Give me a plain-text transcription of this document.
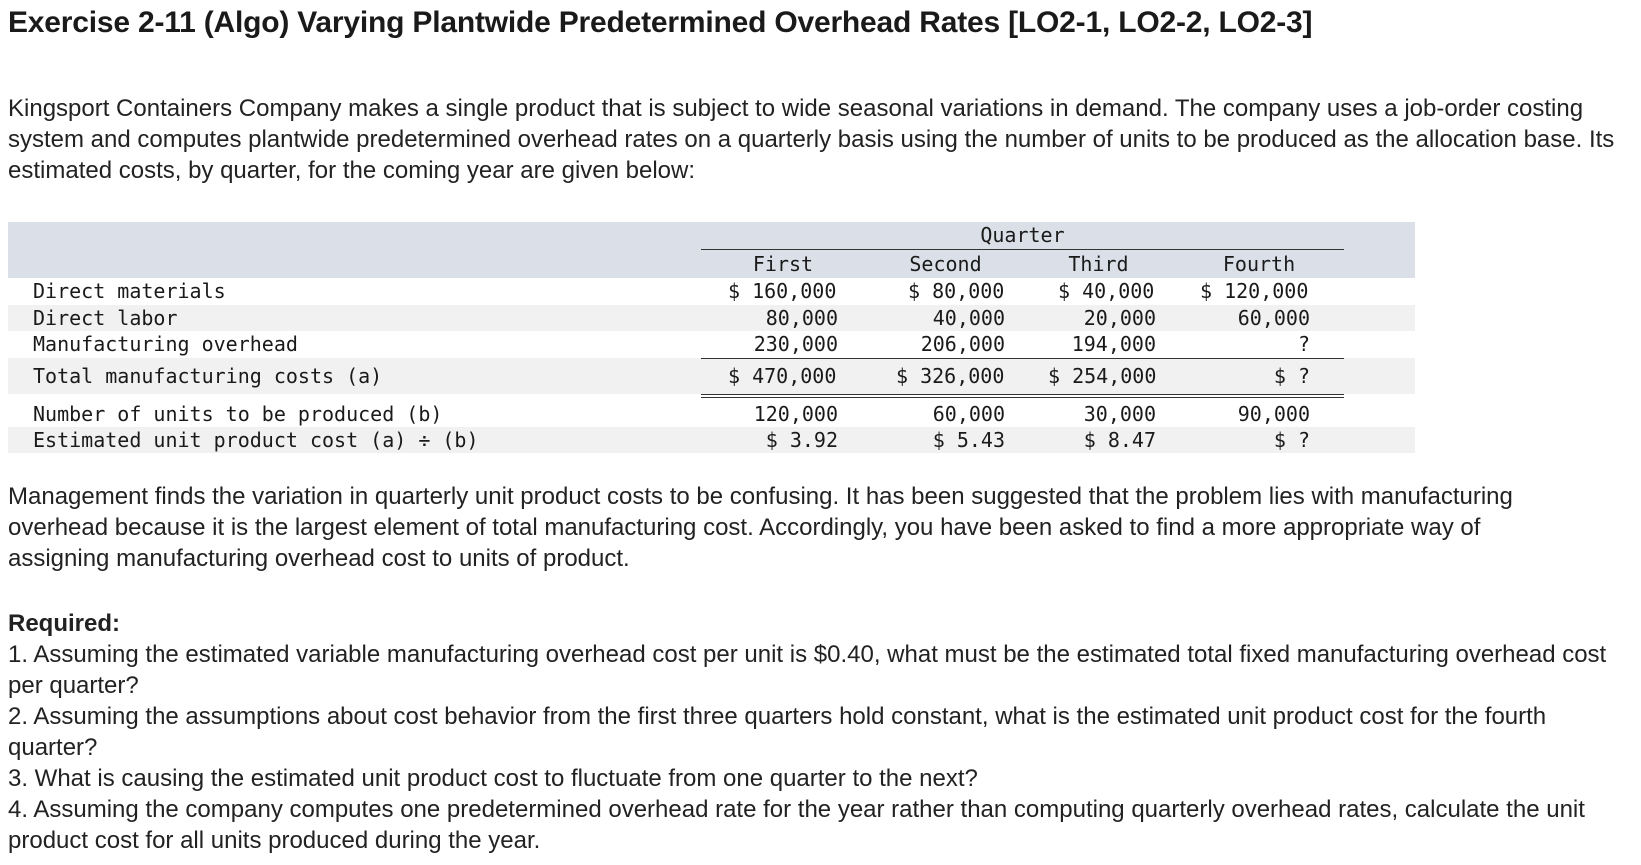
Exercise 2-11 (Algo) Varying Plantwide Predetermined Overhead Rates [LO2-1, LO2-2, LO2-3]
Kingsport Containers Company makes a single product that is subject to wide seasonal variations in demand. The company uses a job-order costing system and computes plantwide predetermined overhead rates on a quarterly basis using the number of units to be produced as the allocation base. Its estimated costs, by quarter, for the coming year are given below:
Quarter
First	Second	Third	Fourth
Direct materials	$ 160,000	$ 80,000	$ 40,000 $ 120,000
Direct labor	80,000	40,000	20,000	60,000
Manufacturing overhead	230,000	206,000	194,000	?
Total manufacturing costs (a)	$ 470,000	$ 326,000 $ 254,000	$ ?
Number of units to be produced (b)	120,000	60,000	30,000	90,000
Estimated unit product cost (a) ÷ (b)	$ 3.92	$ 5.43	$ 8.47	$ ?
Management finds the variation in quarterly unit product costs to be confusing. It has been suggested that the problem lies with manufacturing overhead because it is the largest element of total manufacturing cost. Accordingly, you have been asked to find a more appropriate way of assigning manufacturing overhead cost to units of product.
Required:
1. Assuming the estimated variable manufacturing overhead cost per unit is $0.40, what must be the estimated total fixed manufacturing overhead cost per quarter?
2. Assuming the assumptions about cost behavior from the first three quarters hold constant, what is the estimated unit product cost for the fourth quarter?
3. What is causing the estimated unit product cost to fluctuate from one quarter to the next?
4. Assuming the company computes one predetermined overhead rate for the year rather than computing quarterly overhead rates, calculate the unit product cost for all units produced during the year.
